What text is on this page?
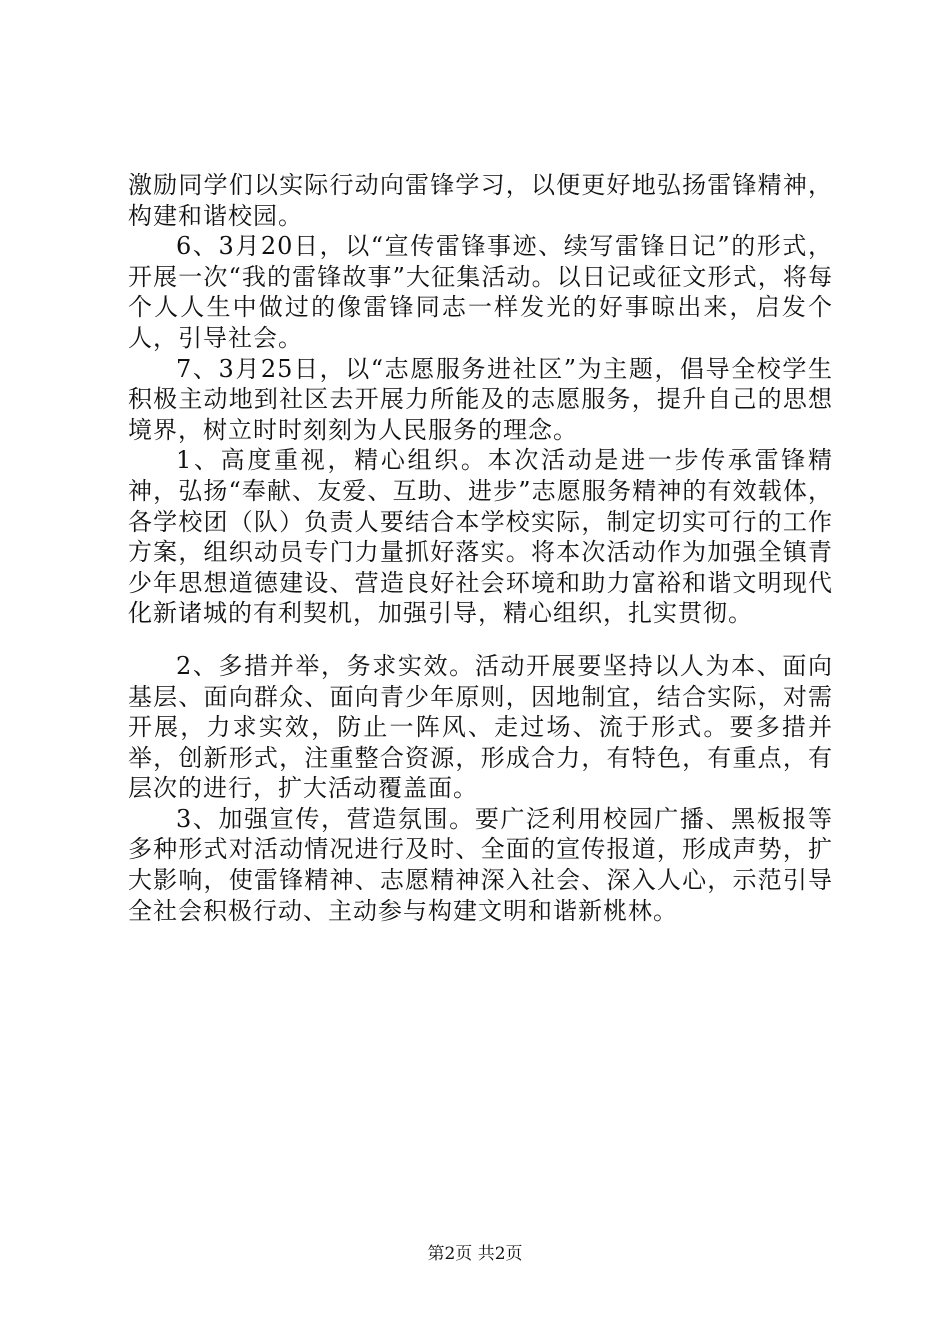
激励同学们以实际行动向雷锋学习，以便更好地弘扬雷锋精神，构建和谐校园。

6、3月20日，以“宣传雷锋事迹、续写雷锋日记”的形式，开展一次“我的雷锋故事”大征集活动。以日记或征文形式，将每个人人生中做过的像雷锋同志一样发光的好事晾出来，启发个人，引导社会。

7、3月25日，以“志愿服务进社区”为主题，倡导全校学生积极主动地到社区去开展力所能及的志愿服务，提升自己的思想境界，树立时时刻刻为人民服务的理念。

1、高度重视，精心组织。本次活动是进一步传承雷锋精神，弘扬“奉献、友爱、互助、进步”志愿服务精神的有效载体，各学校团（队）负责人要结合本学校实际，制定切实可行的工作方案，组织动员专门力量抓好落实。将本次活动作为加强全镇青少年思想道德建设、营造良好社会环境和助力富裕和谐文明现代化新诸城的有利契机，加强引导，精心组织，扎实贯彻。

2、多措并举，务求实效。活动开展要坚持以人为本、面向基层、面向群众、面向青少年原则，因地制宜，结合实际，对需开展，力求实效，防止一阵风、走过场、流于形式。要多措并举，创新形式，注重整合资源，形成合力，有特色，有重点，有层次的进行，扩大活动覆盖面。

3、加强宣传，营造氛围。要广泛利用校园广播、黑板报等多种形式对活动情况进行及时、全面的宣传报道，形成声势，扩大影响，使雷锋精神、志愿精神深入社会、深入人心，示范引导全社会积极行动、主动参与构建文明和谐新桃林。

第2页 共2页
